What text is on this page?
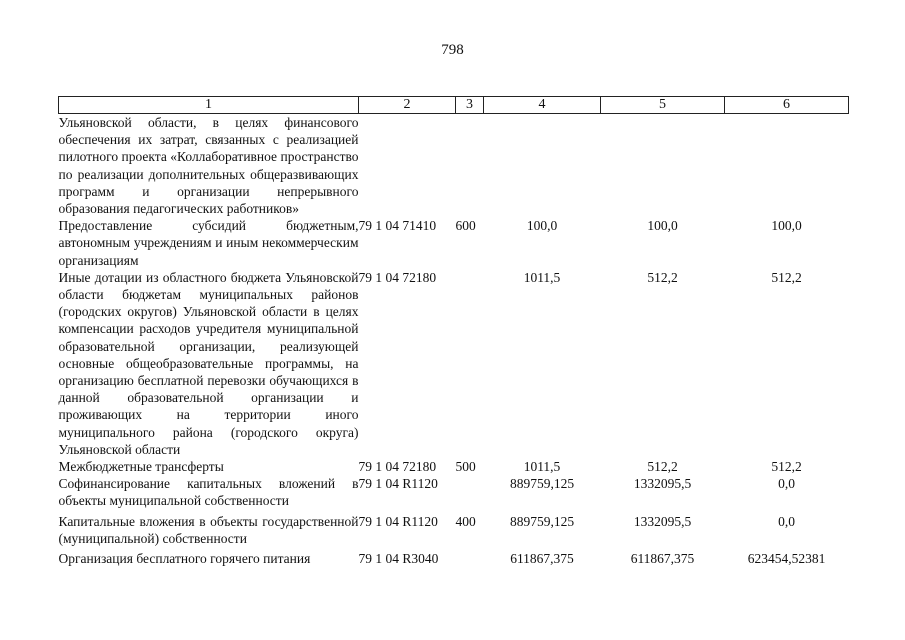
798
1	2	3	4	5	6
Ульяновской области, в целях финансового обеспечения их затрат, связанных с реализацией пилотного проекта «Коллаборативное пространство по реализации дополнительных общеразвивающих программ и организации непрерывного образования педагогических работников»					
Предоставление субсидий бюджетным, автономным учреждениям и иным некоммерческим организациям	79 1 04 71410	600	100,0	100,0	100,0
Иные дотации из областного бюджета Ульяновской области бюджетам муниципальных районов (городских округов) Ульяновской области в целях компенсации расходов учредителя муниципальной образовательной организации, реализующей основные общеобразовательные программы, на организацию бесплатной перевозки обучающихся в данной образовательной организации и проживающих на территории иного муниципального района (городского округа) Ульяновской области	79 1 04 72180		1011,5	512,2	512,2
Межбюджетные трансферты	79 1 04 72180	500	1011,5	512,2	512,2
Софинансирование капитальных вложений в объекты муниципальной собственности	79 1 04 R1120		889759,125	1332095,5	0,0
Капитальные вложения в объекты государственной (муниципальной) собственности	79 1 04 R1120	400	889759,125	1332095,5	0,0
Организация бесплатного горячего питания	79 1 04 R3040		611867,375	611867,375	623454,52381
